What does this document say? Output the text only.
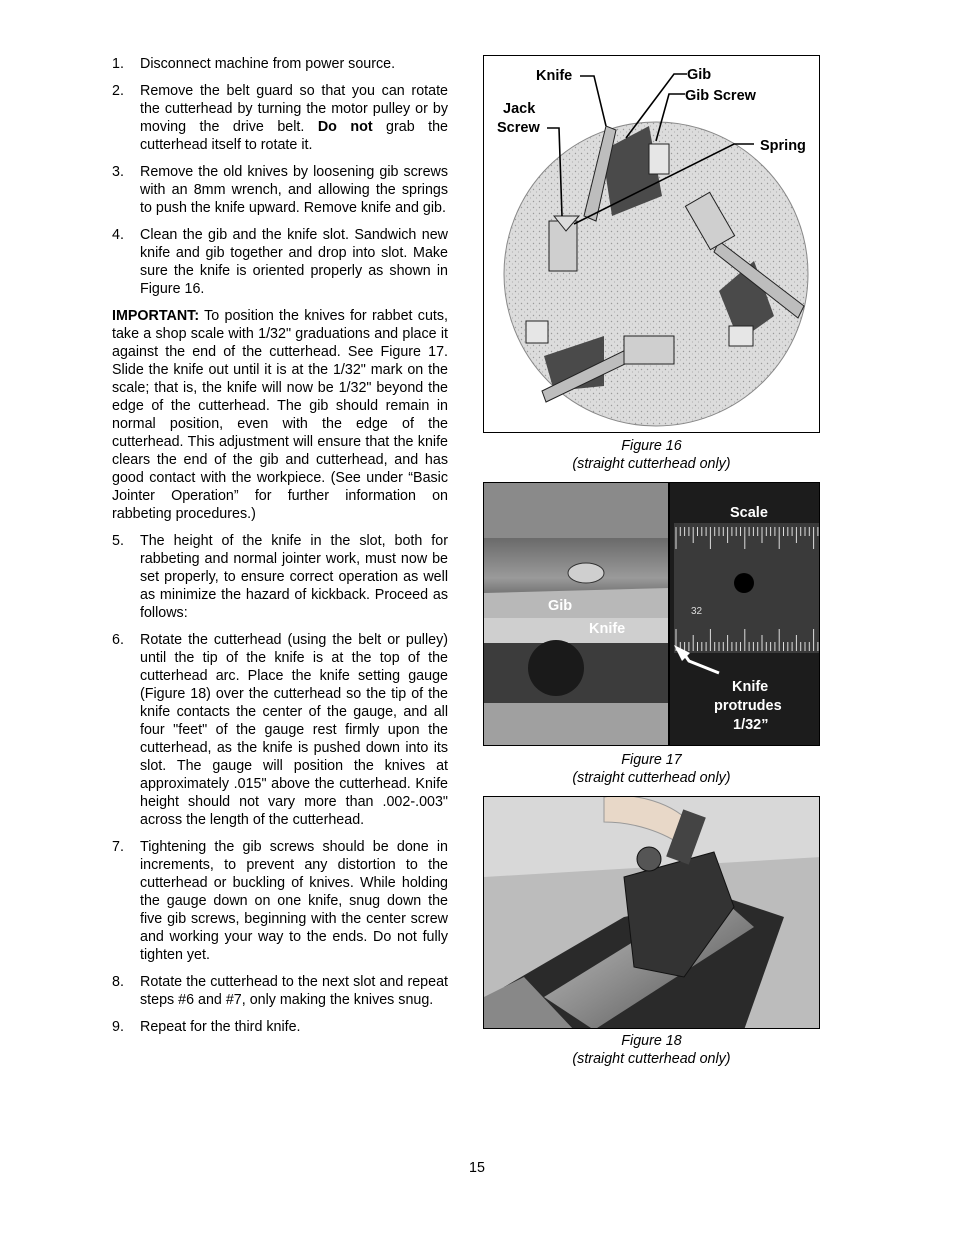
1.	Disconnect machine from power source.
2.	Remove the belt guard so that you can rotate the cutterhead by turning the motor pulley or by moving the drive belt. Do not grab the cutterhead itself to rotate it.
3.	Remove the old knives by loosening gib screws with an 8mm wrench, and allowing the springs to push the knife upward. Remove knife and gib.
4.	Clean the gib and the knife slot. Sandwich new knife and gib together and drop into slot. Make sure the knife is oriented properly as shown in Figure 16.
IMPORTANT: To position the knives for rabbet cuts, take a shop scale with 1/32" graduations and place it against the end of the cutterhead. See Figure 17. Slide the knife out until it is at the 1/32" mark on the scale; that is, the knife will now be 1/32" beyond the edge of the cutterhead. The gib should remain in normal position, even with the edge of the cutterhead. This adjustment will ensure that the knife clears the end of the gib and cutterhead, and has good contact with the workpiece. (See under “Basic Jointer Operation” for further information on rabbeting procedures.)
5.	The height of the knife in the slot, both for rabbeting and normal jointer work, must now be set properly, to ensure correct operation as well as minimize the hazard of kickback. Proceed as follows:
6.	Rotate the cutterhead (using the belt or pulley) until the tip of the knife is at the top of the cutterhead arc. Place the knife setting gauge (Figure 18) over the cutterhead so the tip of the knife contacts the center of the gauge, and all four "feet" of the gauge rest firmly upon the cutterhead, as the knife is pushed down into its slot. The gauge will position the knives at approximately .015" above the cutterhead. Knife height should not vary more than .002-.003" across the length of the cutterhead.
7.	Tightening the gib screws should be done in increments, to prevent any distortion to the cutterhead or buckling of knives. While holding the gauge down on one knife, snug down the five gib screws, beginning with the center screw and working your way to the ends. Do not fully tighten yet.
8.	Rotate the cutterhead to the next slot and repeat steps #6 and #7, only making the knives snug.
9.	Repeat for the third knife.
Knife	Gib
Gib Screw
Jack
Screw
Spring
Figure 16
(straight cutterhead only)
Scale
Gib
Knife
Knife
protrudes
1/32”
32
Figure 17
(straight cutterhead only)
Figure 18
(straight cutterhead only)
15
